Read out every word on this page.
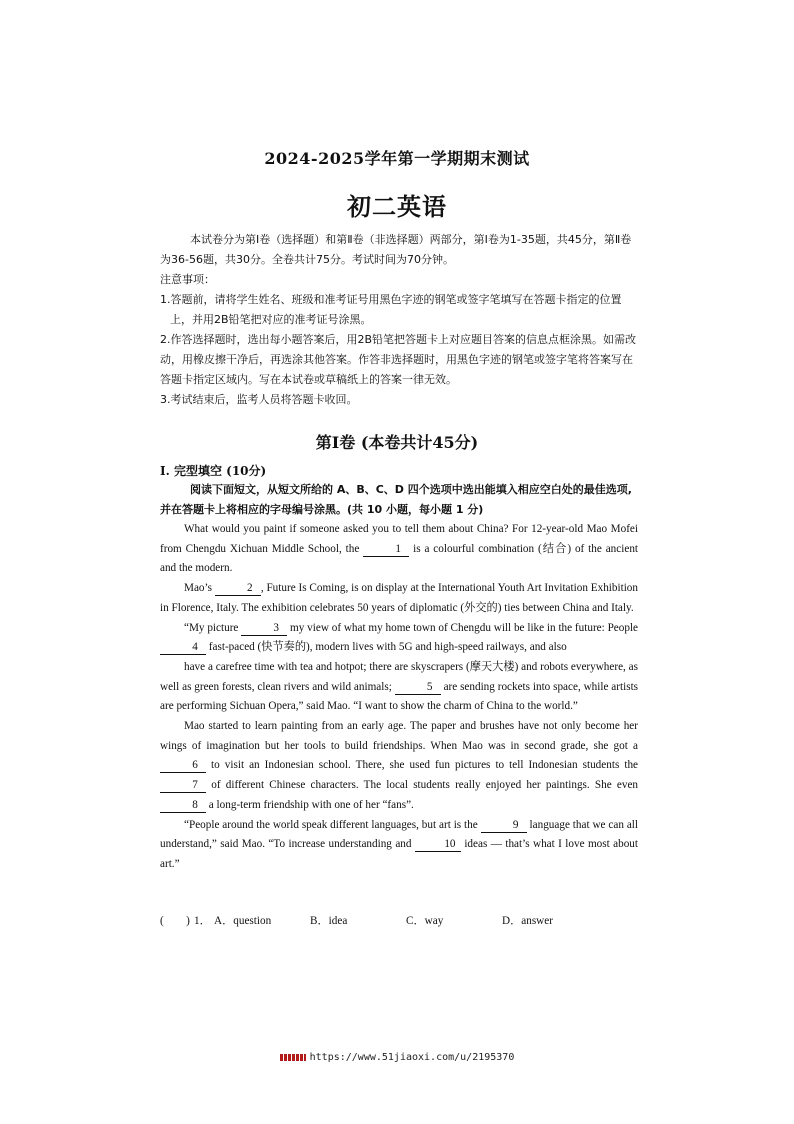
2024-2025学年第一学期期末测试
初二英语

本试卷分为第Ⅰ卷（选择题）和第Ⅱ卷（非选择题）两部分，第Ⅰ卷为1-35题，共45分，第Ⅱ卷为36-56题，共30分。全卷共计75分。考试时间为70分钟。

注意事项：

1.答题前，请将学生姓名、班级和准考证号用黑色字迹的钢笔或签字笔填写在答题卡指定的位置上，并用2B铅笔把对应的准考证号涂黑。

2.作答选择题时，选出每小题答案后，用2B铅笔把答题卡上对应题目答案的信息点框涂黑。如需改动，用橡皮擦干净后，再选涂其他答案。作答非选择题时，用黑色字迹的钢笔或签字笔将答案写在答题卡指定区域内。写在本试卷或草稿纸上的答案一律无效。

3.考试结束后，监考人员将答题卡收回。

第Ⅰ卷 (本卷共计45分)
I. 完型填空 (10分)

阅读下面短文，从短文所给的 A、B、C、D 四个选项中选出能填入相应空白处的最佳选项,并在答题卡上将相应的字母编号涂黑。(共 10 小题，每小题 1 分)

What would you paint if someone asked you to tell them about China? For 12-year-old Mao Mofei from Chengdu Xichuan Middle School, the	1 is a colourful combination (结合) of the ancient and the modern.

Mao’s	2 , Future Is Coming, is on display at the International Youth Art Invitation Exhibition in Florence, Italy. The exhibition celebrates 50 years of diplomatic (外交的) ties between China and Italy.

“My picture	3 my view of what my home town of Chengdu will be like in the future: People 4 fast-paced (快节奏的), modern lives with 5G and high-speed railways, and also

have a carefree time with tea and hotpot; there are skyscrapers (摩天大楼) and robots everywhere, as well as green forests, clean rivers and wild animals;	5 are sending rockets into space, while artists are performing Sichuan Opera,” said Mao. “I want to show the charm of China to the world.”

Mao started to learn painting from an early age. The paper and brushes have not only become her wings of imagination but her tools to build friendships. When Mao was in second grade, she got a 6 to visit an Indonesian school. There, she used fun pictures to tell Indonesian students the 7 of different Chinese characters. The local students really enjoyed her paintings. She even 8 a long-term friendship with one of her “fans”.

“People around the world speak different languages, but art is the	9 language that we can all understand,” said Mao. “To increase understanding and	10 ideas — that’s what I love most about art.”

(　　) 1． A．question	B．idea	C．way	D．answer
https://www.51jiaoxi.com/u/2195370
